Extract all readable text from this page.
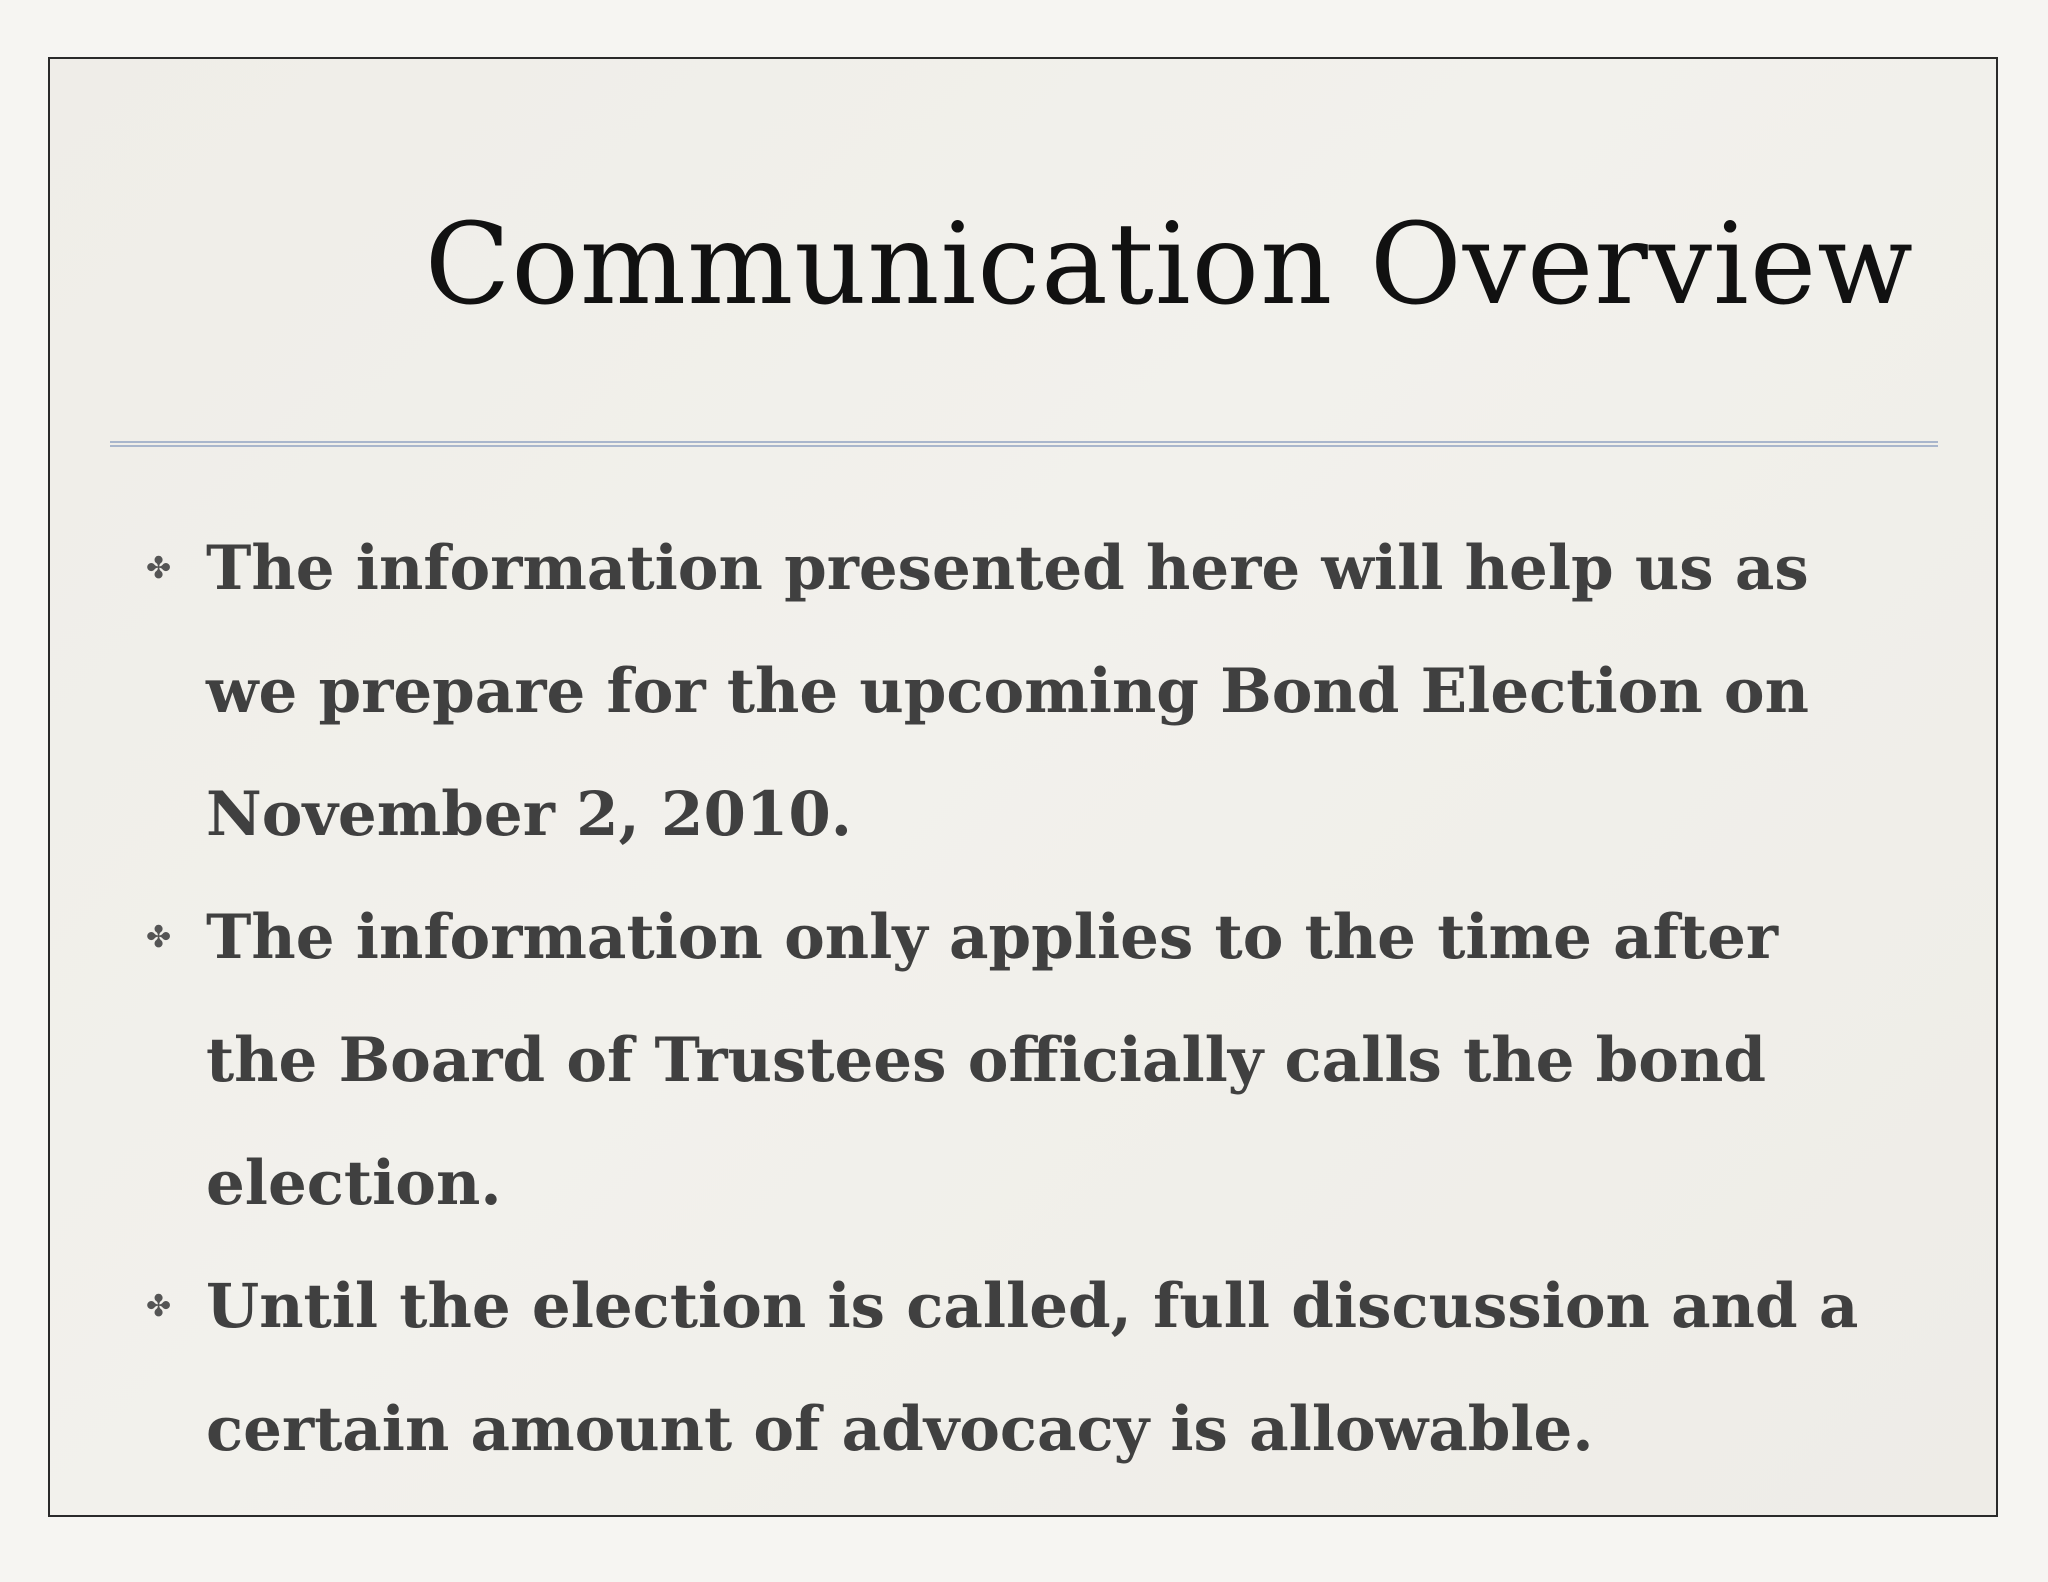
Communication Overview
✤ The information presented here will help us as
we prepare for the upcoming Bond Election on
November 2, 2010.
✤ The information only applies to the time after
the Board of Trustees officially calls the bond
election.
✤ Until the election is called, full discussion and a
certain amount of advocacy is allowable.
